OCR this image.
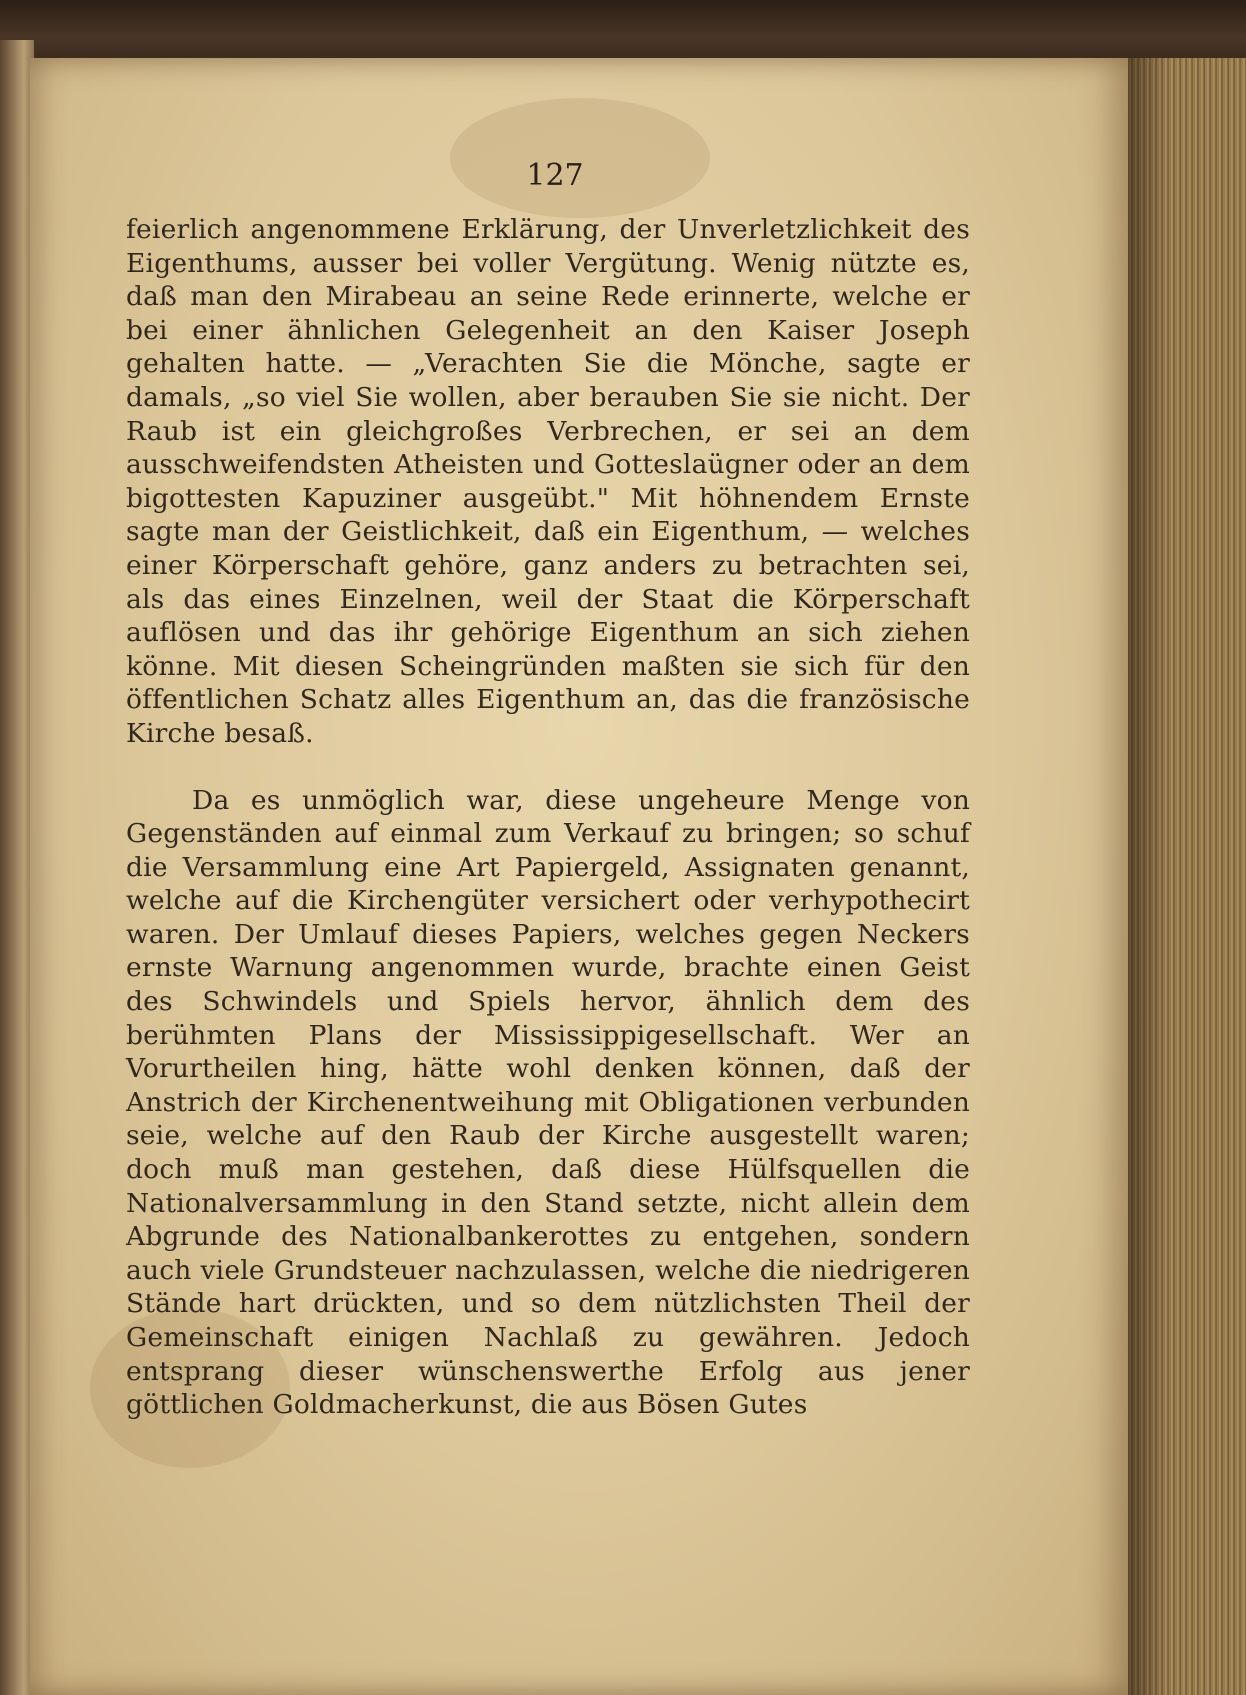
127

feierlich angenommene Erklärung, der Unverletzlichkeit des Eigenthums, ausser bei voller Vergütung. Wenig nützte es, daß man den Mirabeau an seine Rede erinnerte, welche er bei einer ähnlichen Gelegenheit an den Kaiser Joseph gehalten hatte. — „Verachten Sie die Mönche, sagte er damals, „so viel Sie wollen, aber berauben Sie sie nicht. Der Raub ist ein gleichgroßes Verbrechen, er sei an dem ausschweifendsten Atheisten und Gotteslaügner oder an dem bigottesten Kapuziner ausgeübt." Mit höhnendem Ernste sagte man der Geistlichkeit, daß ein Eigenthum, — welches einer Körperschaft gehöre, ganz anders zu betrachten sei, als das eines Einzelnen, weil der Staat die Körperschaft auflösen und das ihr gehörige Eigenthum an sich ziehen könne. Mit diesen Scheingründen maßten sie sich für den öffentlichen Schatz alles Eigenthum an, das die französische Kirche besaß.

Da es unmöglich war, diese ungeheure Menge von Gegenständen auf einmal zum Verkauf zu bringen; so schuf die Versammlung eine Art Papiergeld, Assignaten genannt, welche auf die Kirchengüter versichert oder verhypothecirt waren. Der Umlauf dieses Papiers, welches gegen Neckers ernste Warnung angenommen wurde, brachte einen Geist des Schwindels und Spiels hervor, ähnlich dem des berühmten Plans der Mississippigesellschaft. Wer an Vorurtheilen hing, hätte wohl denken können, daß der Anstrich der Kirchenentweihung mit Obligationen verbunden seie, welche auf den Raub der Kirche ausgestellt waren; doch muß man gestehen, daß diese Hülfsquellen die Nationalversammlung in den Stand setzte, nicht allein dem Abgrunde des Nationalbankerottes zu entgehen, sondern auch viele Grundsteuer nachzulassen, welche die niedrigeren Stände hart drückten, und so dem nützlichsten Theil der Gemeinschaft einigen Nachlaß zu gewähren. Jedoch entsprang dieser wünschenswerthe Erfolg aus jener göttlichen Goldmacherkunst, die aus Bösen Gutes
